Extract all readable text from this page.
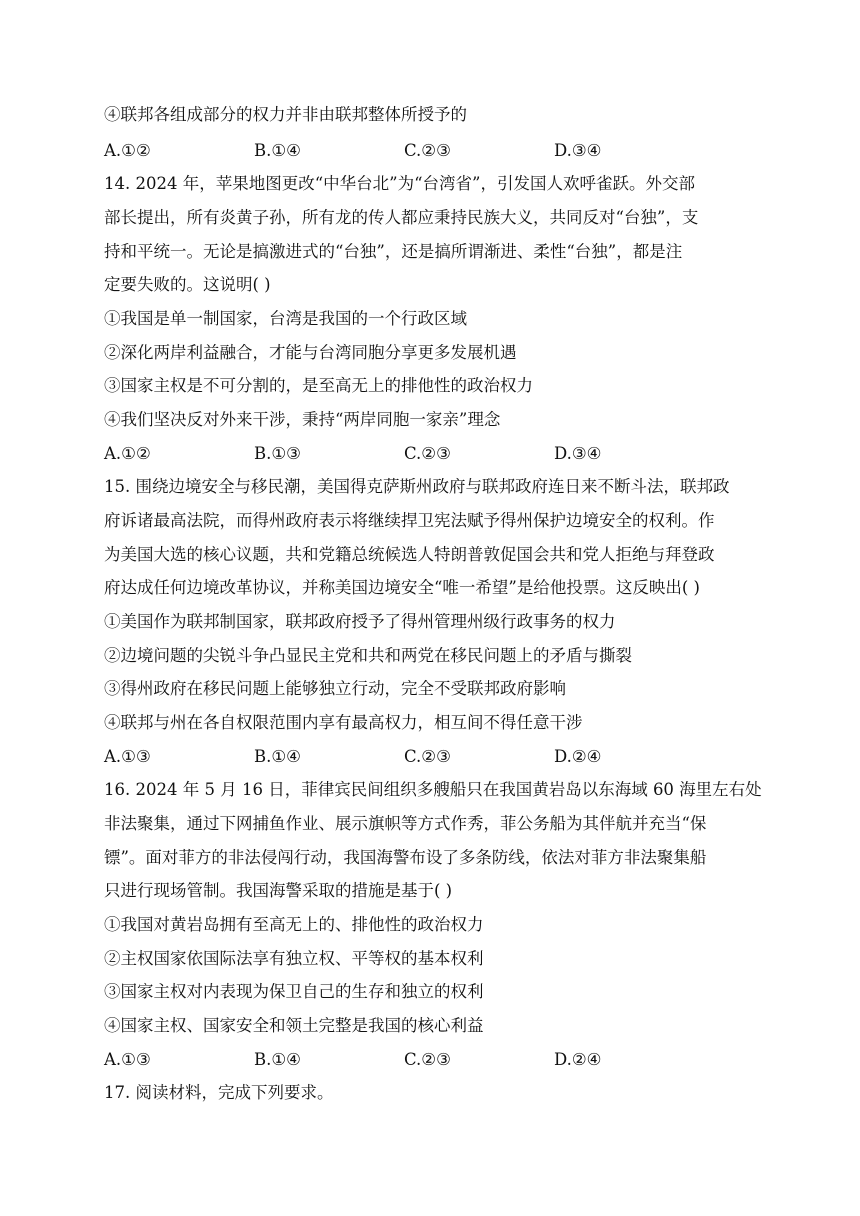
④联邦各组成部分的权力并非由联邦整体所授予的
A.①②	B.①④	C.②③	D.③④
14. 2024 年，苹果地图更改“中华台北”为“台湾省”，引发国人欢呼雀跃。外交部
部长提出，所有炎黄子孙，所有龙的传人都应秉持民族大义，共同反对“台独”，支
持和平统一。无论是搞激进式的“台独”，还是搞所谓渐进、柔性“台独”，都是注
定要失败的。这说明( )
①我国是单一制国家，台湾是我国的一个行政区域
②深化两岸利益融合，才能与台湾同胞分享更多发展机遇
③国家主权是不可分割的，是至高无上的排他性的政治权力
④我们坚决反对外来干涉，秉持“两岸同胞一家亲”理念
A.①②	B.①③	C.②③	D.③④
15. 围绕边境安全与移民潮，美国得克萨斯州政府与联邦政府连日来不断斗法，联邦政
府诉诸最高法院，而得州政府表示将继续捍卫宪法赋予得州保护边境安全的权利。作
为美国大选的核心议题，共和党籍总统候选人特朗普敦促国会共和党人拒绝与拜登政
府达成任何边境改革协议，并称美国边境安全“唯一希望”是给他投票。这反映出( )
①美国作为联邦制国家，联邦政府授予了得州管理州级行政事务的权力
②边境问题的尖锐斗争凸显民主党和共和两党在移民问题上的矛盾与撕裂
③得州政府在移民问题上能够独立行动，完全不受联邦政府影响
④联邦与州在各自权限范围内享有最高权力，相互间不得任意干涉
A.①③	B.①④	C.②③	D.②④
16. 2024 年 5 月 16 日，菲律宾民间组织多艘船只在我国黄岩岛以东海域 60 海里左右处
非法聚集，通过下网捕鱼作业、展示旗帜等方式作秀，菲公务船为其伴航并充当“保
镖”。面对菲方的非法侵闯行动，我国海警布设了多条防线，依法对菲方非法聚集船
只进行现场管制。我国海警采取的措施是基于( )
①我国对黄岩岛拥有至高无上的、排他性的政治权力
②主权国家依国际法享有独立权、平等权的基本权利
③国家主权对内表现为保卫自己的生存和独立的权利
④国家主权、国家安全和领土完整是我国的核心利益
A.①③	B.①④	C.②③	D.②④
17. 阅读材料，完成下列要求。
